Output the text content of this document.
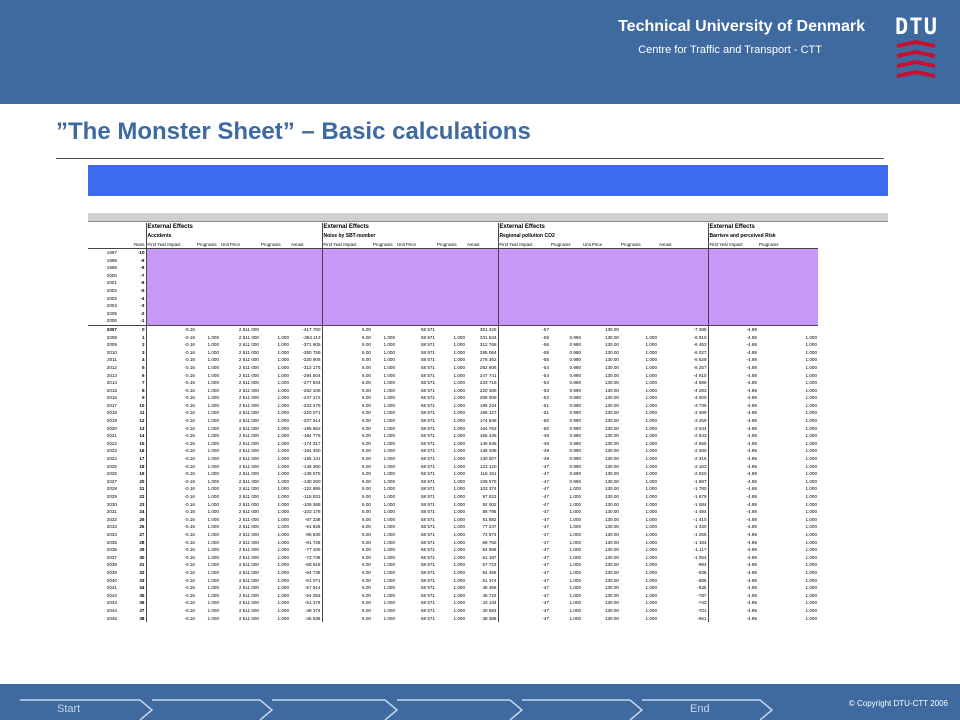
Technical University of Denmark
Centre for Traffic and Transport - CTT
DTU
”The Monster Sheet” – Basic calculations
		External Effects					External Effects					External Effects					External Effects	
		Accidents					Noise by SBT-number					Regional pollution CO2					Barriere and perceived Risk	
Years		First Year Impact	Prognosis	Unit Price	Prognosis	Annuit	First Year Impact	Prognosis	Unit Price	Prognosis	Annuit	First Year Impact	Prognosis	Unit Price	Prognosis	Annuit	First Year Impact	Prognosis
1997	-10																	
1998	-9																	
1999	-8																	
2000	-7																	
2001	-6																	
2002	-5																	
2003	-4																	
2004	-3																	
2005	-2																	
2006	-1																	
2007	0	-0.16		2 611 000		-417 760	6.00		58 571		351 426	-57		130.00		-7 398	-4.89	
2008	1	-0.16	1.000	2 611 000	1.000	-394 113	6.00	1.000	58 571	1.000	331 534	-56	0.990	130.00	1.000	-6 910	-4.89	1.000
2009	2	-0.16	1.000	2 611 000	1.000	-371 805	6.00	1.000	58 571	1.000	312 768	-56	0.990	130.00	1.000	-6 453	-4.89	1.000
2010	3	-0.16	1.000	2 611 000	1.000	-350 759	6.00	1.000	58 571	1.000	295 064	-55	0.990	130.00	1.000	-6 027	-4.89	1.000
2011	4	-0.16	1.000	2 611 000	1.000	-330 905	6.00	1.000	58 571	1.000	278 362	-55	0.990	130.00	1.000	-5 629	-4.89	1.000
2012	5	-0.16	1.000	2 611 000	1.000	-312 175	6.00	1.000	58 571	1.000	262 606	-54	0.990	130.00	1.000	-5 257	-4.89	1.000
2013	6	-0.16	1.000	2 611 000	1.000	-294 504	6.00	1.000	58 571	1.000	247 741	-54	0.990	130.00	1.000	-4 910	-4.89	1.000
2014	7	-0.16	1.000	2 611 000	1.000	-277 834	6.00	1.000	58 571	1.000	233 718	-53	0.990	130.00	1.000	-4 586	-4.89	1.000
2015	8	-0.16	1.000	2 611 000	1.000	-262 108	6.00	1.000	58 571	1.000	220 489	-53	0.990	130.00	1.000	-4 283	-4.89	1.000
2016	9	-0.16	1.000	2 611 000	1.000	-247 272	6.00	1.000	58 571	1.000	208 009	-52	0.990	130.00	1.000	-4 000	-4.89	1.000
2017	10	-0.16	1.000	2 611 000	1.000	-233 275	6.00	1.000	58 571	1.000	196 234	-51	0.990	130.00	1.000	-3 736	-4.89	1.000
2018	11	-0.16	1.000	2 611 000	1.000	-220 071	6.00	1.000	58 571	1.000	185 127	-51	0.990	130.00	1.000	-3 489	-4.89	1.000
2019	12	-0.16	1.000	2 611 000	1.000	-207 614	6.00	1.000	58 571	1.000	174 648	-50	0.990	130.00	1.000	-3 259	-4.89	1.000
2020	13	-0.16	1.000	2 611 000	1.000	-195 862	6.00	1.000	58 571	1.000	164 762	-50	0.990	130.00	1.000	-3 044	-4.89	1.000
2021	14	-0.16	1.000	2 611 000	1.000	-184 776	6.00	1.000	58 571	1.000	155 436	-49	0.990	130.00	1.000	-2 843	-4.89	1.000
2022	15	-0.16	1.000	2 611 000	1.000	-174 317	6.00	1.000	58 571	1.000	146 638	-49	0.990	130.00	1.000	-2 655	-4.89	1.000
2023	16	-0.16	1.000	2 611 000	1.000	-164 450	6.00	1.000	58 571	1.000	138 338	-48	0.990	130.00	1.000	-2 480	-4.89	1.000
2024	17	-0.16	1.000	2 611 000	1.000	-155 141	6.00	1.000	58 571	1.000	130 507	-48	0.990	130.00	1.000	-2 316	-4.89	1.000
2025	18	-0.16	1.000	2 611 000	1.000	-146 360	6.00	1.000	58 571	1.000	123 120	-47	0.990	130.00	1.000	-2 163	-4.89	1.000
2026	19	-0.16	1.000	2 611 000	1.000	-138 075	6.00	1.000	58 571	1.000	116 151	-47	0.990	130.00	1.000	-2 020	-4.89	1.000
2027	20	-0.16	1.000	2 611 000	1.000	-130 260	6.00	1.000	58 571	1.000	109 576	-47	0.990	130.00	1.000	-1 887	-4.89	1.000
2028	21	-0.16	1.000	2 611 000	1.000	-122 886	6.00	1.000	58 571	1.000	103 374	-47	1.000	130.00	1.000	-1 780	-4.89	1.000
2029	22	-0.16	1.000	2 611 000	1.000	-115 931	6.00	1.000	58 571	1.000	97 523	-47	1.000	130.00	1.000	-1 679	-4.89	1.000
2030	23	-0.16	1.000	2 611 000	1.000	-109 368	6.00	1.000	58 571	1.000	92 002	-47	1.000	130.00	1.000	-1 584	-4.89	1.000
2031	24	-0.16	1.000	2 611 000	1.000	-103 178	6.00	1.000	58 571	1.000	86 795	-47	1.000	130.00	1.000	-1 494	-4.89	1.000
2032	25	-0.16	1.000	2 611 000	1.000	-97 338	6.00	1.000	58 571	1.000	81 882	-47	1.000	130.00	1.000	-1 410	-4.89	1.000
2033	26	-0.16	1.000	2 611 000	1.000	-91 828	6.00	1.000	58 571	1.000	77 247	-47	1.000	130.00	1.000	-1 330	-4.89	1.000
2034	27	-0.16	1.000	2 611 000	1.000	-86 630	6.00	1.000	58 571	1.000	72 874	-47	1.000	130.00	1.000	-1 255	-4.89	1.000
2035	28	-0.16	1.000	2 611 000	1.000	-81 726	6.00	1.000	58 571	1.000	68 750	-47	1.000	130.00	1.000	-1 184	-4.89	1.000
2036	29	-0.16	1.000	2 611 000	1.000	-77 100	6.00	1.000	58 571	1.000	64 858	-47	1.000	130.00	1.000	-1 117	-4.89	1.000
2037	30	-0.16	1.000	2 611 000	1.000	-72 736	6.00	1.000	58 571	1.000	61 187	-47	1.000	130.00	1.000	-1 054	-4.89	1.000
2038	31	-0.16	1.000	2 611 000	1.000	-68 619	6.00	1.000	58 571	1.000	57 723	-47	1.000	130.00	1.000	-994	-4.89	1.000
2039	32	-0.16	1.000	2 611 000	1.000	-64 735	6.00	1.000	58 571	1.000	54 456	-47	1.000	130.00	1.000	-938	-4.89	1.000
2040	33	-0.16	1.000	2 611 000	1.000	-61 071	6.00	1.000	58 571	1.000	51 374	-47	1.000	130.00	1.000	-885	-4.89	1.000
2041	34	-0.16	1.000	2 611 000	1.000	-57 614	6.00	1.000	58 571	1.000	48 466	-47	1.000	130.00	1.000	-835	-4.89	1.000
2042	35	-0.16	1.000	2 611 000	1.000	-54 353	6.00	1.000	58 571	1.000	45 722	-47	1.000	130.00	1.000	-787	-4.89	1.000
2043	36	-0.16	1.000	2 611 000	1.000	-51 276	6.00	1.000	58 571	1.000	43 134	-47	1.000	130.00	1.000	-743	-4.89	1.000
2044	37	-0.16	1.000	2 611 000	1.000	-48 374	6.00	1.000	58 571	1.000	40 693	-47	1.000	130.00	1.000	-701	-4.89	1.000
2045	38	-0.16	1.000	2 611 000	1.000	-45 636	6.00	1.000	58 571	1.000	38 389	-47	1.000	130.00	1.000	-661	-4.89	1.000
Start	End	© Copyright DTU-CTT 2006
